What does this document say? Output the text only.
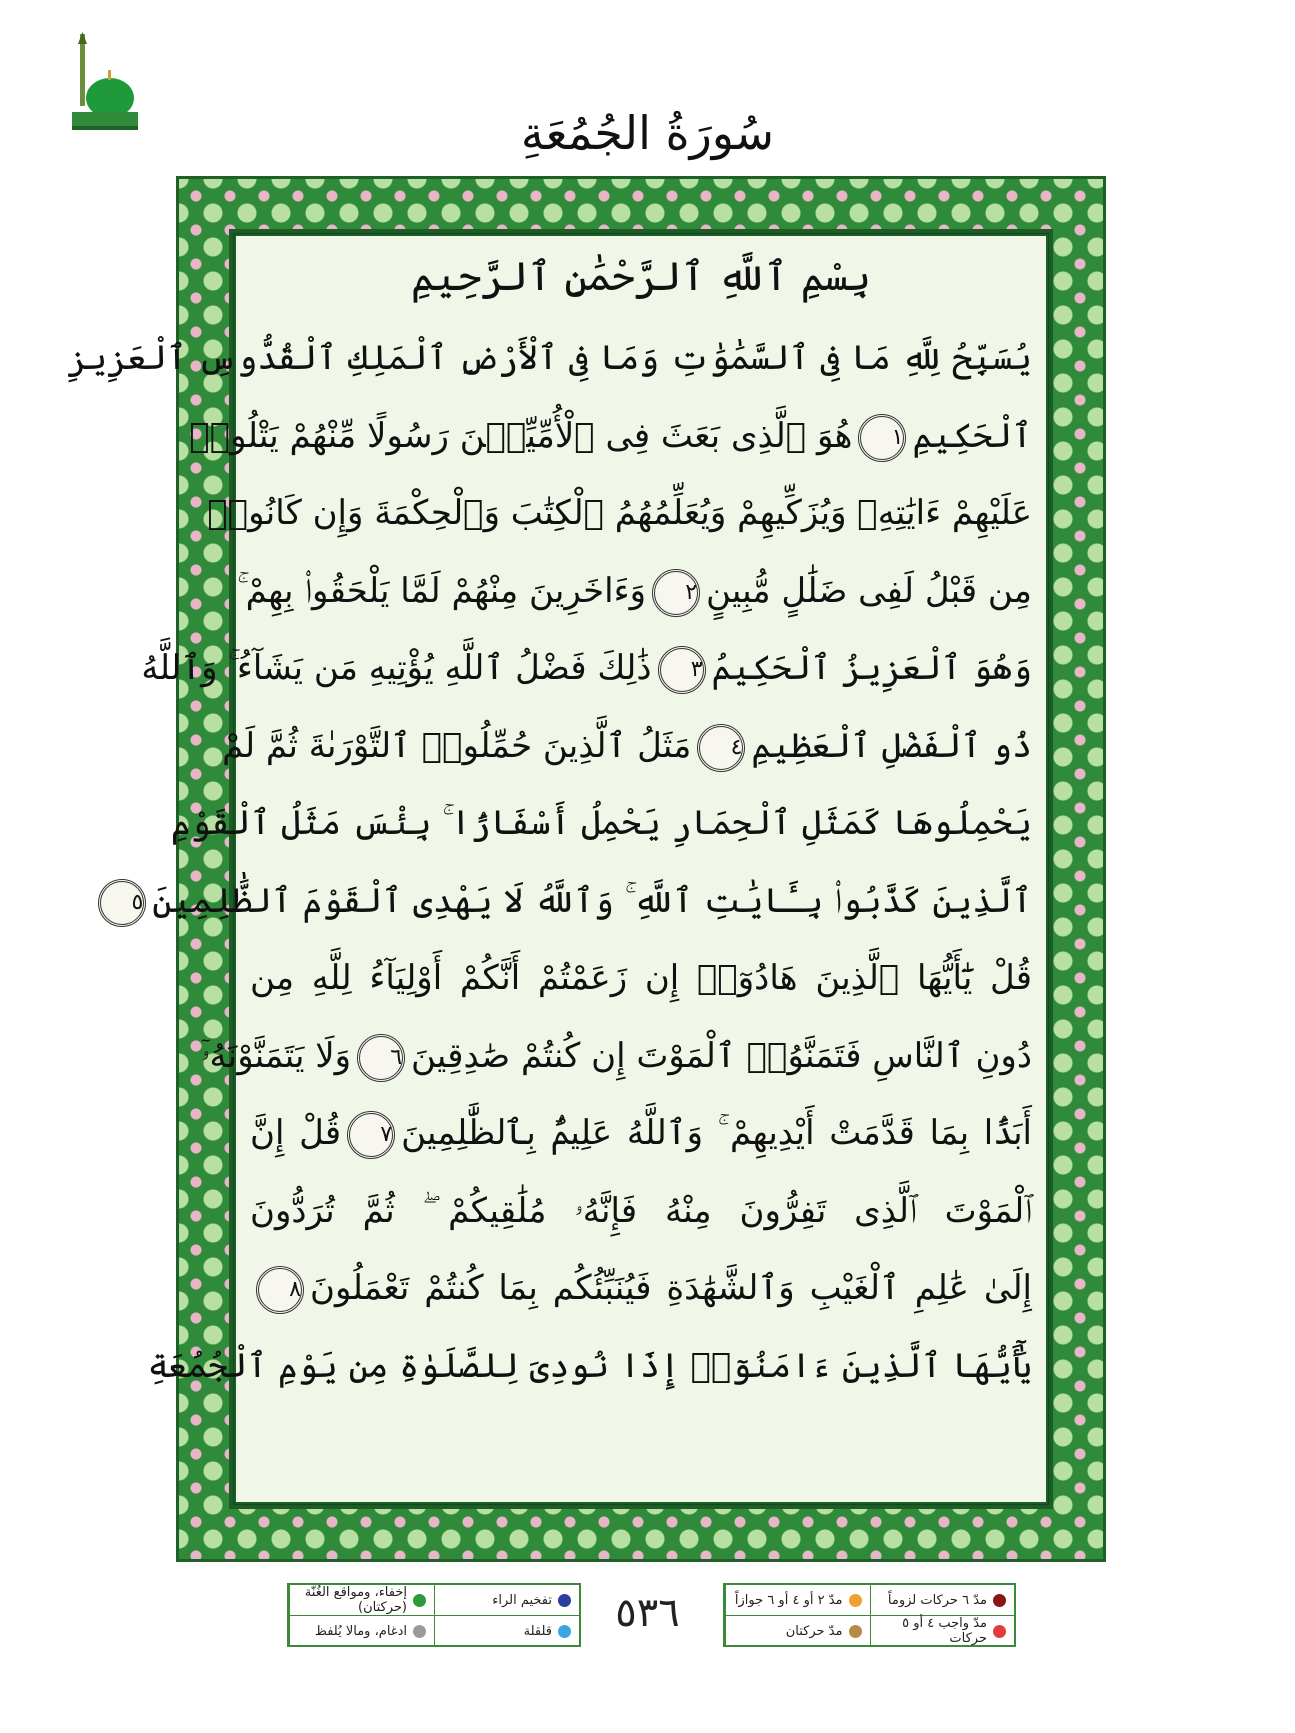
سُورَةُ الجُمُعَةِ
بِسْمِ ٱللَّهِ ٱلرَّحْمَٰنِ ٱلرَّحِيمِ
يُسَبِّحُ لِلَّهِ مَا فِى ٱلسَّمَٰوَٰتِ وَمَا فِى ٱلْأَرْضِ ٱلْمَلِكِ ٱلْقُدُّوسِ ٱلْعَزِيزِ
ٱلْحَكِيمِ١هُوَ ٱلَّذِى بَعَثَ فِى ٱلْأُمِّيِّـۧنَ رَسُولًا مِّنْهُمْ يَتْلُوا۟
عَلَيْهِمْ ءَايَٰتِهِۦ وَيُزَكِّيهِمْ وَيُعَلِّمُهُمُ ٱلْكِتَٰبَ وَٱلْحِكْمَةَ وَإِن كَانُوا۟
مِن قَبْلُ لَفِى ضَلَٰلٍ مُّبِينٍ٢وَءَاخَرِينَ مِنْهُمْ لَمَّا يَلْحَقُوا۟ بِهِمْ ۚ
وَهُوَ ٱلْعَزِيزُ ٱلْحَكِيمُ٣ذَٰلِكَ فَضْلُ ٱللَّهِ يُؤْتِيهِ مَن يَشَآءُ ۚ وَٱللَّهُ
ذُو ٱلْفَضْلِ ٱلْعَظِيمِ٤مَثَلُ ٱلَّذِينَ حُمِّلُوا۟ ٱلتَّوْرَىٰةَ ثُمَّ لَمْ
يَحْمِلُوهَا كَمَثَلِ ٱلْحِمَارِ يَحْمِلُ أَسْفَارًۢا ۚ بِئْسَ مَثَلُ ٱلْقَوْمِ
ٱلَّذِينَ كَذَّبُوا۟ بِـَٔايَٰتِ ٱللَّهِ ۚ وَٱللَّهُ لَا يَهْدِى ٱلْقَوْمَ ٱلظَّٰلِمِينَ٥
قُلْ يَٰٓأَيُّهَا ٱلَّذِينَ هَادُوٓا۟ إِن زَعَمْتُمْ أَنَّكُمْ أَوْلِيَآءُ لِلَّهِ مِن
دُونِ ٱلنَّاسِ فَتَمَنَّوُا۟ ٱلْمَوْتَ إِن كُنتُمْ صَٰدِقِينَ٦وَلَا يَتَمَنَّوْنَهُۥٓ
أَبَدًۢا بِمَا قَدَّمَتْ أَيْدِيهِمْ ۚ وَٱللَّهُ عَلِيمٌۢ بِٱلظَّٰلِمِينَ٧قُلْ إِنَّ
ٱلْمَوْتَ ٱلَّذِى تَفِرُّونَ مِنْهُ فَإِنَّهُۥ مُلَٰقِيكُمْ ۖ ثُمَّ تُرَدُّونَ
إِلَىٰ عَٰلِمِ ٱلْغَيْبِ وَٱلشَّهَٰدَةِ فَيُنَبِّئُكُم بِمَا كُنتُمْ تَعْمَلُونَ٨
يَٰٓأَيُّهَا ٱلَّذِينَ ءَامَنُوٓا۟ إِذَا نُودِىَ لِلصَّلَوٰةِ مِن يَوْمِ ٱلْجُمُعَةِ
٥٣٦
تفخيم الراء
إخفاء، ومواقع الغُنّة (حركتان)
قلقلة
ادغام، ومالا يُلفظ
مدّ ٦ حركات لزوماً
مدّ ٢ أو ٤ أو ٦ جوازاً
مدّ واجب ٤ أو ٥ حركات
مدّ حركتان
